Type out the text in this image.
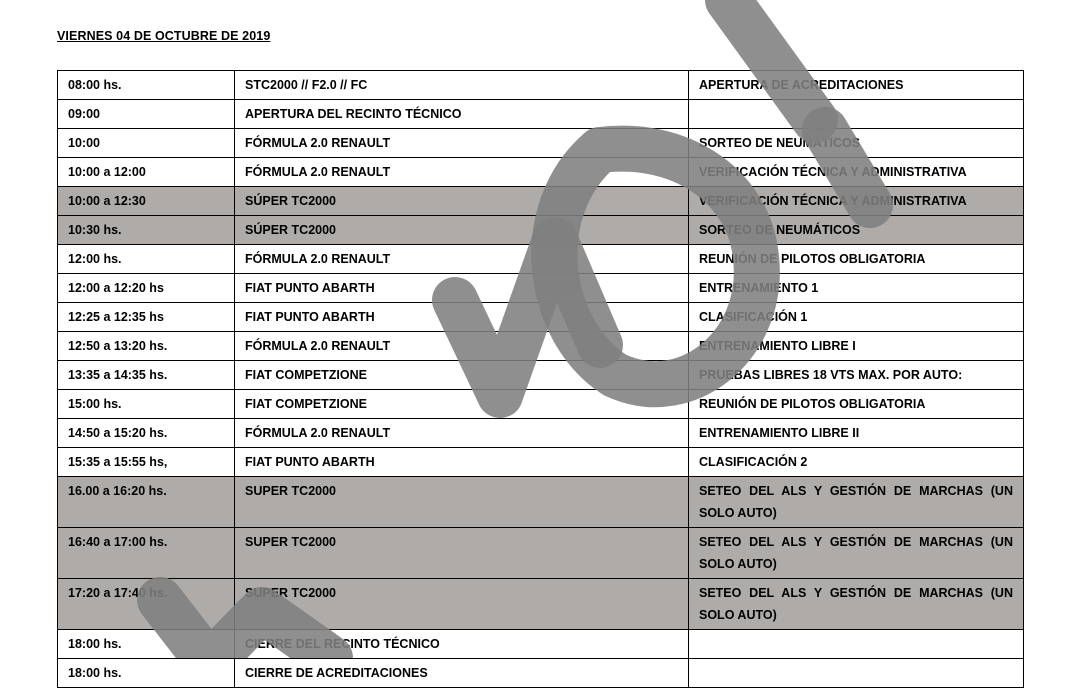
VIERNES 04 DE OCTUBRE DE 2019
08:00 hs.	STC2000 // F2.0 // FC	APERTURA DE ACREDITACIONES
09:00	APERTURA DEL RECINTO TÉCNICO	
10:00	FÓRMULA 2.0 RENAULT	SORTEO DE NEUMÁTICOS
10:00 a 12:00	FÓRMULA 2.0 RENAULT	VERIFICACIÓN TÉCNICA Y ADMINISTRATIVA
10:00 a 12:30	SÚPER TC2000	VERIFICACIÓN TÉCNICA Y ADMINISTRATIVA
10:30 hs.	SÚPER TC2000	SORTEO DE NEUMÁTICOS
12:00 hs.	FÓRMULA 2.0 RENAULT	REUNIÓN DE PILOTOS OBLIGATORIA
12:00 a 12:20 hs	FIAT PUNTO ABARTH	ENTRENAMIENTO 1
12:25 a 12:35 hs	FIAT PUNTO ABARTH	CLASIFICACIÓN 1
12:50 a 13:20 hs.	FÓRMULA 2.0 RENAULT	ENTRENAMIENTO LIBRE I
13:35 a 14:35 hs.	FIAT COMPETZIONE	PRUEBAS LIBRES 18 VTS MAX. POR AUTO:
15:00 hs.	FIAT COMPETZIONE	REUNIÓN DE PILOTOS OBLIGATORIA
14:50 a 15:20 hs.	FÓRMULA 2.0 RENAULT	ENTRENAMIENTO LIBRE II
15:35 a 15:55 hs,	FIAT PUNTO ABARTH	CLASIFICACIÓN 2
16.00 a 16:20 hs.	SUPER TC2000	SETEO DEL ALS Y GESTIÓN DE MARCHAS (UN SOLO AUTO)
16:40 a 17:00 hs.	SUPER TC2000	SETEO DEL ALS Y GESTIÓN DE MARCHAS (UN SOLO AUTO)
17:20 a 17:40 hs.	SUPER TC2000	SETEO DEL ALS Y GESTIÓN DE MARCHAS (UN SOLO AUTO)
18:00 hs.	CIERRE DEL RECINTO TÉCNICO	
18:00 hs.	CIERRE DE ACREDITACIONES	
